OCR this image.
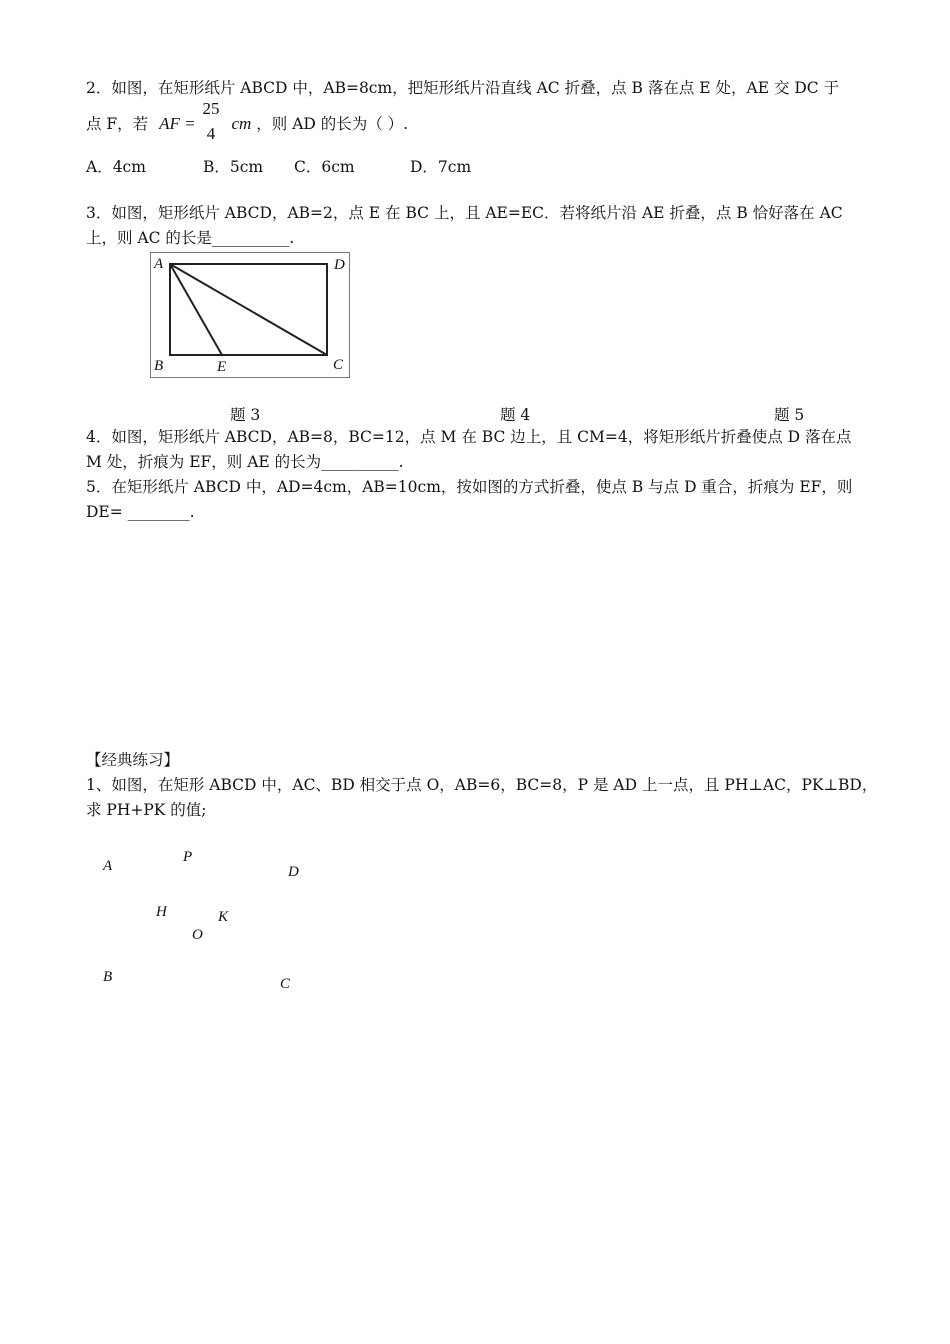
2．如图，在矩形纸片 ABCD 中，AB=8cm，把矩形纸片沿直线 AC 折叠，点 B 落在点 E 处，AE 交 DC 于
点 F，若 AF = cm ，则 AD 的长为（ ）.
25
4
A．4cm	B．5cm C．6cm	D．7cm
3．如图，矩形纸片 ABCD，AB=2，点 E 在 BC 上，且 AE=EC．若将纸片沿 AE 折叠，点 B 恰好落在 AC
上，则 AC 的长是__________.
A	D
B	E	C
题 3	题 4	题 5
4．如图，矩形纸片 ABCD，AB=8，BC=12，点 M 在 BC 边上，且 CM=4，将矩形纸片折叠使点 D 落在点
M 处，折痕为 EF，则 AE 的长为__________.
5．在矩形纸片 ABCD 中，AD=4cm，AB=10cm，按如图的方式折叠，使点 B 与点 D 重合，折痕为 EF，则
DE= ________.
【经典练习】
1、如图，在矩形 ABCD 中，AC、BD 相交于点 O，AB=6，BC=8，P 是 AD 上一点，且 PH⊥AC，PK⊥BD，
求 PH+PK 的值;
A
P
D
H	K
O
B	C
